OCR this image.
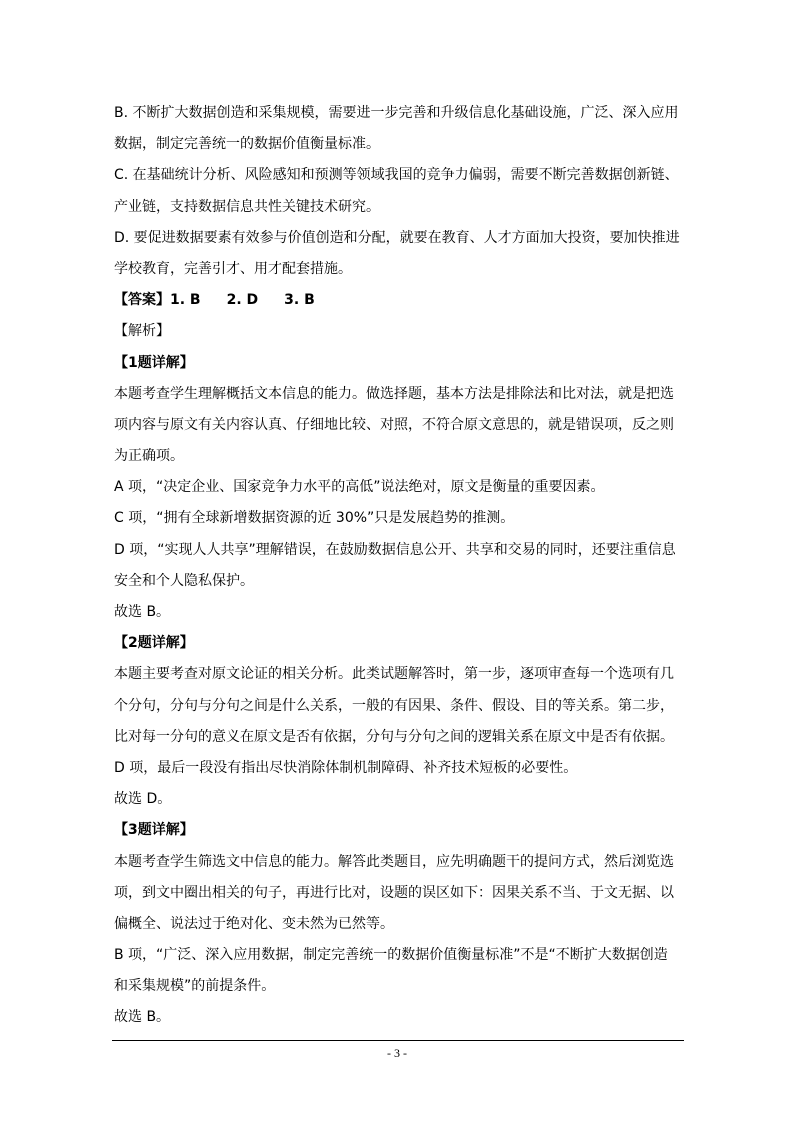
B. 不断扩大数据创造和采集规模，需要进一步完善和升级信息化基础设施，广泛、深入应用
数据，制定完善统一的数据价值衡量标准。
C. 在基础统计分析、风险感知和预测等领域我国的竞争力偏弱，需要不断完善数据创新链、
产业链，支持数据信息共性关键技术研究。
D. 要促进数据要素有效参与价值创造和分配，就要在教育、人才方面加大投资，要加快推进
学校教育，完善引才、用才配套措施。
【答案】1. B 2. D 3. B
【解析】
【1题详解】
本题考查学生理解概括文本信息的能力。做选择题，基本方法是排除法和比对法，就是把选
项内容与原文有关内容认真、仔细地比较、对照，不符合原文意思的，就是错误项，反之则
为正确项。
A 项，“决定企业、国家竞争力水平的高低”说法绝对，原文是衡量的重要因素。
C 项，“拥有全球新增数据资源的近 30%”只是发展趋势的推测。
D 项，“实现人人共享”理解错误，在鼓励数据信息公开、共享和交易的同时，还要注重信息
安全和个人隐私保护。
故选 B。
【2题详解】
本题主要考查对原文论证的相关分析。此类试题解答时，第一步，逐项审查每一个选项有几
个分句，分句与分句之间是什么关系，一般的有因果、条件、假设、目的等关系。第二步，
比对每一分句的意义在原文是否有依据，分句与分句之间的逻辑关系在原文中是否有依据。
D 项，最后一段没有指出尽快消除体制机制障碍、补齐技术短板的必要性。
故选 D。
【3题详解】
本题考查学生筛选文中信息的能力。解答此类题目，应先明确题干的提问方式，然后浏览选
项，到文中圈出相关的句子，再进行比对，设题的误区如下：因果关系不当、于文无据、以
偏概全、说法过于绝对化、变未然为已然等。
B 项，“广泛、深入应用数据，制定完善统一的数据价值衡量标准”不是“不断扩大数据创造
和采集规模”的前提条件。
故选 B。
- 3 -
